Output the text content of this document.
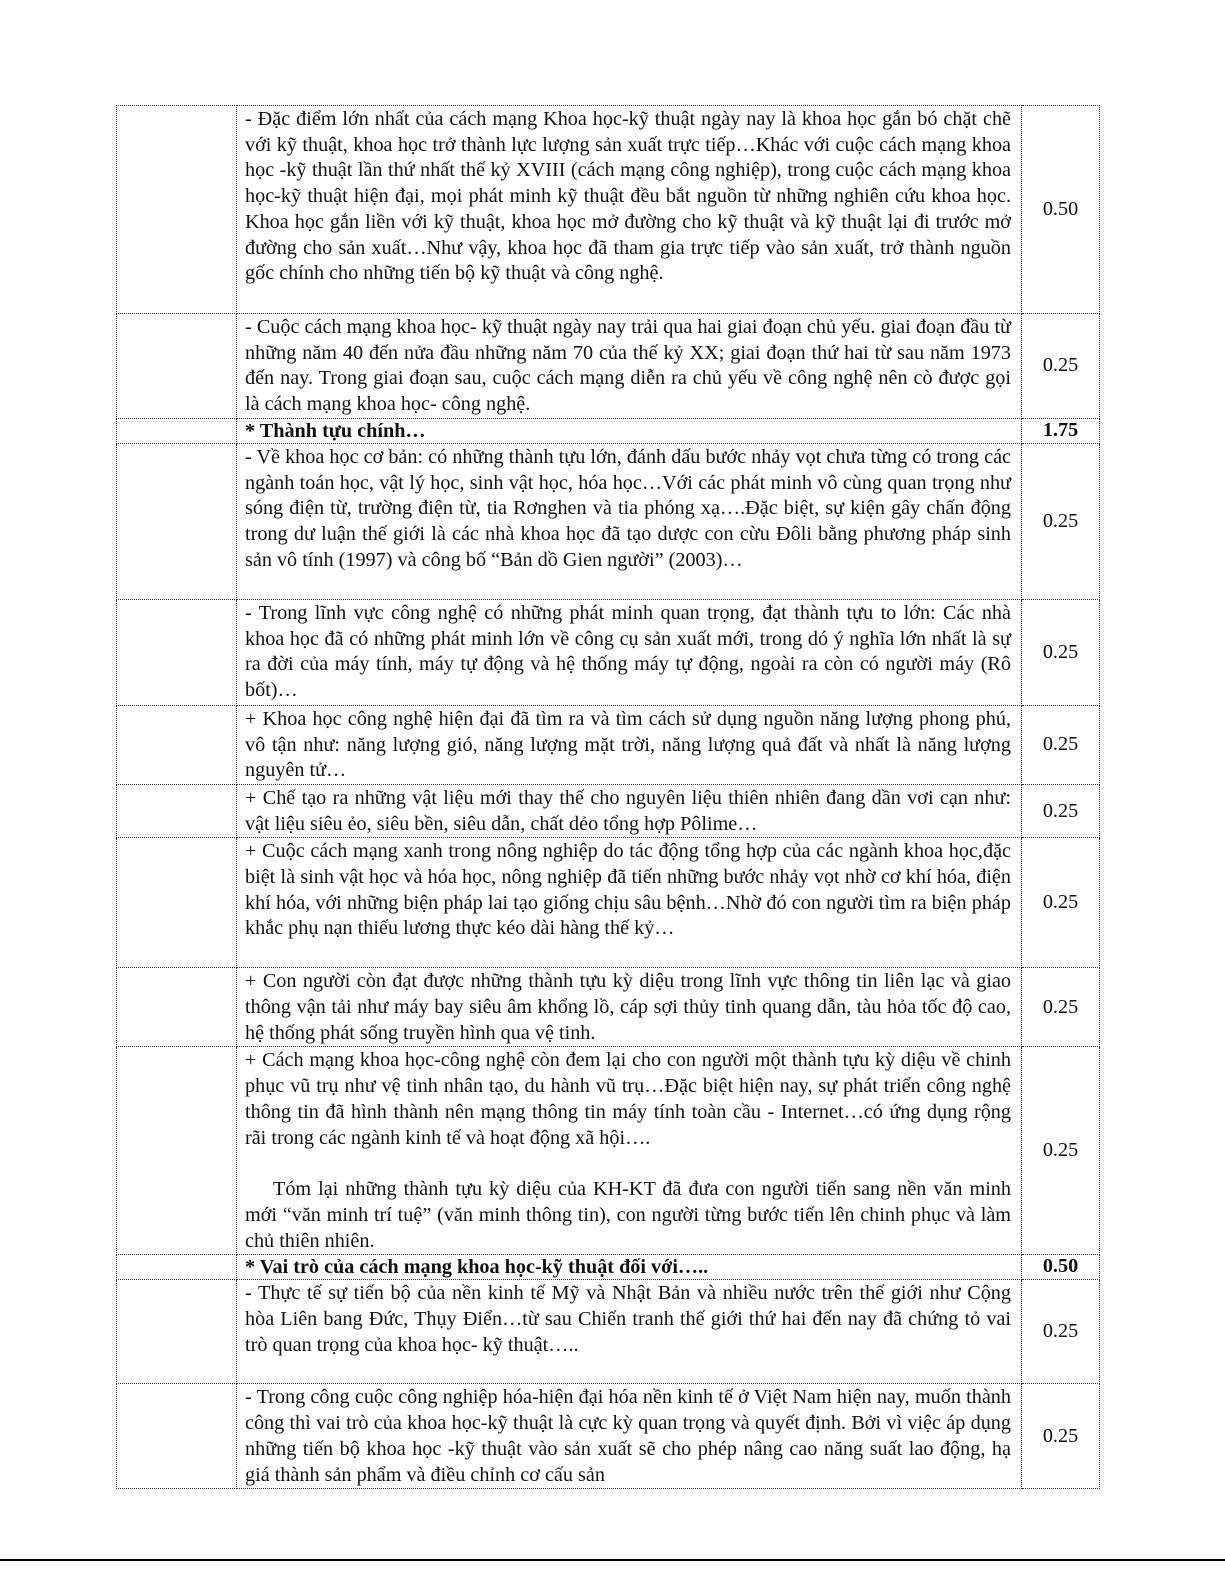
	- Đặc điểm lớn nhất của cách mạng Khoa học-kỹ thuật ngày nay là khoa học gắn bó chặt chẽ với kỹ thuật, khoa học trở thành lực lượng sản xuất trực tiếp…Khác với cuộc cách mạng khoa học -kỹ thuật lần thứ nhất thế kỷ XVIII (cách mạng công nghiệp), trong cuộc cách mạng khoa học-kỹ thuật hiện đại, mọi phát minh kỹ thuật đều bắt nguồn từ những nghiên cứu khoa học. Khoa học gắn liền với kỹ thuật, khoa học mở đường cho kỹ thuật và kỹ thuật lại đi trước mở đường cho sản xuất…Như vậy, khoa học đã tham gia trực tiếp vào sản xuất, trở thành nguồn gốc chính cho những tiến bộ kỹ thuật và công nghệ.	0.50
	- Cuộc cách mạng khoa học- kỹ thuật ngày nay trải qua hai giai đoạn chủ yếu. giai đoạn đầu từ những năm 40 đến nửa đầu những năm 70 của thế kỷ XX; giai đoạn thứ hai từ sau năm 1973 đến nay. Trong giai đoạn sau, cuộc cách mạng diễn ra chủ yếu về công nghệ nên cò được gọi là cách mạng khoa học- công nghệ.	0.25
	* Thành tựu chính…	1.75
	- Về khoa học cơ bản: có những thành tựu lớn, đánh dấu bước nhảy vọt chưa từng có trong các ngành toán học, vật lý học, sinh vật học, hóa học…Với các phát minh vô cùng quan trọng như sóng điện từ, trường điện từ, tia Rơnghen và tia phóng xạ….Đặc biệt, sự kiện gây chấn động trong dư luận thế giới là các nhà khoa học đã tạo dược con cừu Đôli bằng phương pháp sinh sản vô tính (1997) và công bố “Bản dồ Gien người” (2003)…	0.25
	- Trong lĩnh vực công nghệ có những phát minh quan trọng, đạt thành tựu to lớn: Các nhà khoa học đã có những phát minh lớn về công cụ sản xuất mới, trong dó ý nghĩa lớn nhất là sự ra đời của máy tính, máy tự động và hệ thống máy tự động, ngoài ra còn có người máy (Rô bốt)…	0.25
	+ Khoa học công nghệ hiện đại đã tìm ra và tìm cách sử dụng nguồn năng lượng phong phú, vô tận như: năng lượng gió, năng lượng mặt trời, năng lượng quả đất và nhất là năng lượng nguyên tử…	0.25
	+ Chế tạo ra những vật liệu mới thay thế cho nguyên liệu thiên nhiên đang dần vơi cạn như: vật liệu siêu ẻo, siêu bền, siêu dẫn, chất dẻo tổng hợp Pôlime…	0.25
	+ Cuộc cách mạng xanh trong nông nghiệp do tác động tổng hợp của các ngành khoa học,đặc biệt là sinh vật học và hóa học, nông nghiệp đã tiến những bước nhảy vọt nhờ cơ khí hóa, điện khí hóa, với những biện pháp lai tạo giống chịu sâu bệnh…Nhờ đó con người tìm ra biện pháp khắc phụ nạn thiếu lương thực kéo dài hàng thế kỷ…	0.25
	+ Con người còn đạt được những thành tựu kỳ diệu trong lĩnh vực thông tin liên lạc và giao thông vận tải như máy bay siêu âm khổng lồ, cáp sợi thủy tinh quang dẫn, tàu hỏa tốc độ cao, hệ thống phát sống truyền hình qua vệ tinh.	0.25

	+ Cách mạng khoa học-công nghệ còn đem lại cho con người một thành tựu kỳ diệu về chinh phục vũ trụ như vệ tinh nhân tạo, du hành vũ trụ…Đặc biệt hiện nay, sự phát triển công nghệ thông tin đã hình thành nên mạng thông tin máy tính toàn cầu - Internet…có ứng dụng rộng rãi trong các ngành kinh tế và hoạt động xã hội….
Tóm lại những thành tựu kỳ diệu của KH-KT đã đưa con người tiến sang nền văn minh mới “văn minh trí tuệ” (văn minh thông tin), con người từng bước tiến lên chinh phục và làm chủ thiên nhiên.	0.25
	* Vai trò của cách mạng khoa học-kỹ thuật đối với…..	0.50
	- Thực tế sự tiến bộ của nền kinh tế Mỹ và Nhật Bản và nhiều nước trên thế giới như Cộng hòa Liên bang Đức, Thụy Điển…từ sau Chiến tranh thế giới thứ hai đến nay đã chứng tỏ vai trò quan trọng của khoa học- kỹ thuật…..	0.25
	- Trong công cuộc công nghiệp hóa-hiện đại hóa nền kinh tế ở Việt Nam hiện nay, muốn thành công thì vai trò của khoa học-kỹ thuật là cực kỳ quan trọng và quyết định. Bởi vì việc áp dụng những tiến bộ khoa học -kỹ thuật vào sản xuất sẽ cho phép nâng cao năng suất lao động, hạ giá thành sản phẩm và điều chỉnh cơ cấu sản	0.25
